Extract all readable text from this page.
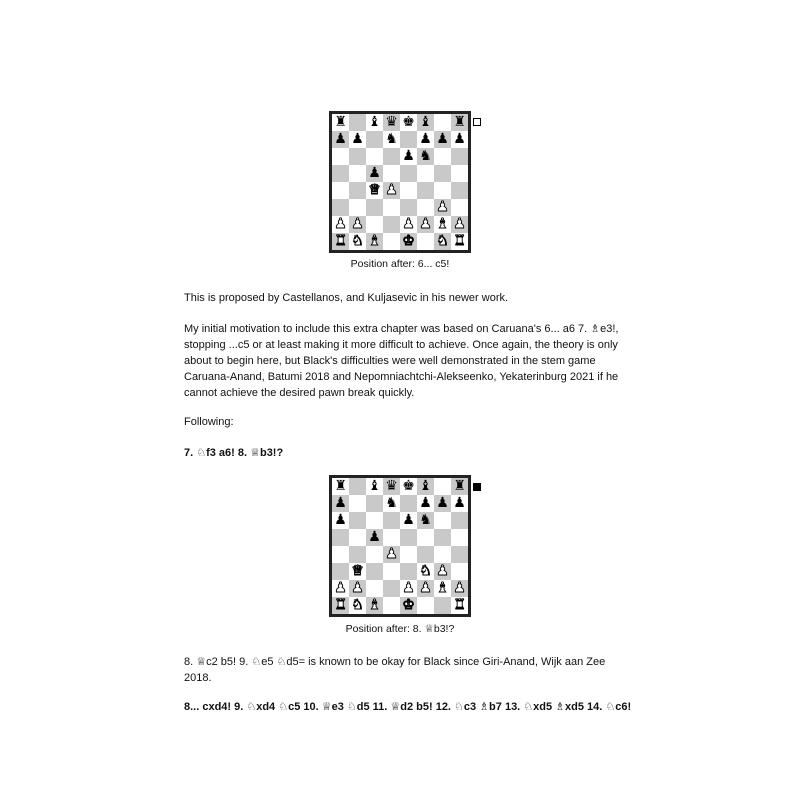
♜ ♝ ♛ ♚ ♝ ♜
♟ ♟ ♞ ♟ ♟ ♟
♟ ♞
♟
♛ ♟
♟
♟ ♟	♟ ♟ ♝ ♟
♜ ♞ ♝ ♚ ♞ ♜
Position after: 6... c5!

This is proposed by Castellanos, and Kuljasevic in his newer work.

My initial motivation to include this extra chapter was based on Caruana's 6... a6 7. ♗e3!, stopping ...c5 or at least making it more difficult to achieve. Once again, the theory is only about to begin here, but Black's difficulties were well demonstrated in the stem game Caruana-Anand, Batumi 2018 and Nepomniachtchi-Alekseenko, Yekaterinburg 2021 if he cannot achieve the desired pawn break quickly.

Following:

7. ♘f3 a6! 8. ♕b3!?

♜ ♝ ♛ ♚ ♝ ♜
♟	♞ ♟ ♟ ♟
♟	♟ ♞
♟
♟
♛	♞ ♟
♟ ♟	♟ ♟ ♝ ♟
♜ ♞ ♝ ♚	♜
Position after: 8. ♕b3!?

8. ♕c2 b5! 9. ♘e5 ♘d5= is known to be okay for Black since Giri-Anand, Wijk aan Zee 2018.

8... cxd4! 9. ♘xd4 ♘c5 10. ♕e3 ♘d5 11. ♕d2 b5! 12. ♘c3 ♗b7 13. ♘xd5 ♗xd5 14. ♘c6!
